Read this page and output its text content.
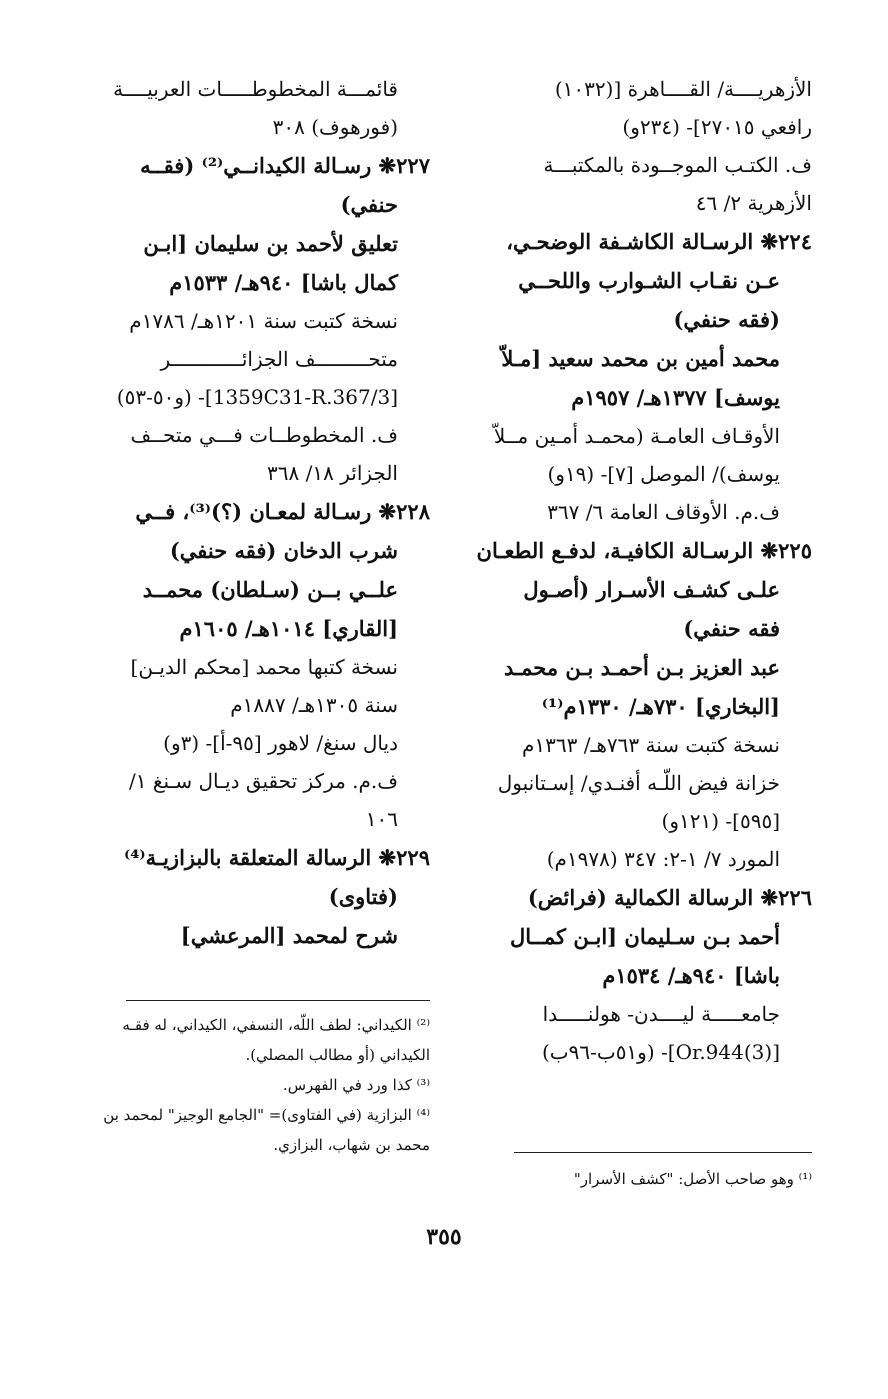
الأزهريــــة/ القــــاهرة [(١٠٣٢)
رافعي ٢٧٠١٥]- (٢٣٤و)
ف. الكتـب الموجــودة بالمكتبـــة
الأزهرية ٢/ ٤٦
٢٢٤❋ الرسـالة الكاشـفة الوضحـي،
عـن نقـاب الشـوارب واللحــي
(فقه حنفي)
محمد أمين بن محمد سعيد [مـلاّ
يوسف] ١٣٧٧هـ/ ١٩٥٧م
الأوقـاف العامـة (محمـد أمـين مــلاّ
يوسف)/ الموصل [٧]- (١٩و)
ف.م. الأوقاف العامة ٦/ ٣٦٧
٢٢٥❋ الرسـالة الكافيـة، لدفـع الطعـان
علـى كشـف الأسـرار (أصـول
فقه حنفي)
عبد العزيز بـن أحمـد بـن محمـد
[البخاري] ٧٣٠هـ/ ١٣٣٠م⁽¹⁾
نسخة كتبت سنة ٧٦٣هـ/ ١٣٦٣م
خزانة فيض اللّـه أفنـدي/ إسـتانبول
[٥٩٥]- (١٢١و)
المورد ٧/ ١-٢: ٣٤٧ (١٩٧٨م)
٢٢٦❋ الرسالة الكمالية (فرائض)
أحمد بـن سـليمان [ابـن كمــال
باشا] ٩٤٠هـ/ ١٥٣٤م
جامعـــــة ليــــدن- هولنـــــدا
[Or.944(3)]- (و٥١ب-٩٦ب)
قائمـــة المخطوطـــــات العربيــــة
(فورهوف) ٣٠٨
٢٢٧❋ رسـالة الكيدانــي⁽²⁾ (فقــه
حنفي)
تعليق لأحمد بن سليمان [ابـن
كمال باشا] ٩٤٠هـ/ ١٥٣٣م
نسخة كتبت سنة ١٢٠١هـ/ ١٧٨٦م
متحـــــــــف الجزائــــــــــــر
[1359C31-R.367/3]- (و٥٠-٥٣)
ف. المخطوطــات فـــي متحــف
الجزائر ١٨/ ٣٦٨
٢٢٨❋ رسـالة لمعـان (؟)⁽³⁾، فــي
شرب الدخان (فقه حنفي)
علــي بــن (سـلطان) محمــد
[القاري] ١٠١٤هـ/ ١٦٠٥م
نسخة كتبها محمد [محكم الديـن]
سنة ١٣٠٥هـ/ ١٨٨٧م
ديال سنغ/ لاهور [٩٥-أ]- (٣و)
ف.م. مركز تحقيق ديـال سـنغ ١/
١٠٦
٢٢٩❋ الرسالة المتعلقة بالبزازيـة⁽⁴⁾
(فتاوى)
شرح لمحمد [المرعشي]
⁽²⁾ الكيداني: لطف اللّه، النسفي، الكيداني، له فقـه
الكيداني (أو مطالب المصلي).
⁽³⁾ كذا ورد في الفهرس.
⁽⁴⁾ البزازية (في الفتاوى)= "الجامع الوجيز" لمحمد بن
محمد بن شهاب، البزازي.
⁽¹⁾ وهو صاحب الأصل: "كشف الأسرار"
٣٥٥
